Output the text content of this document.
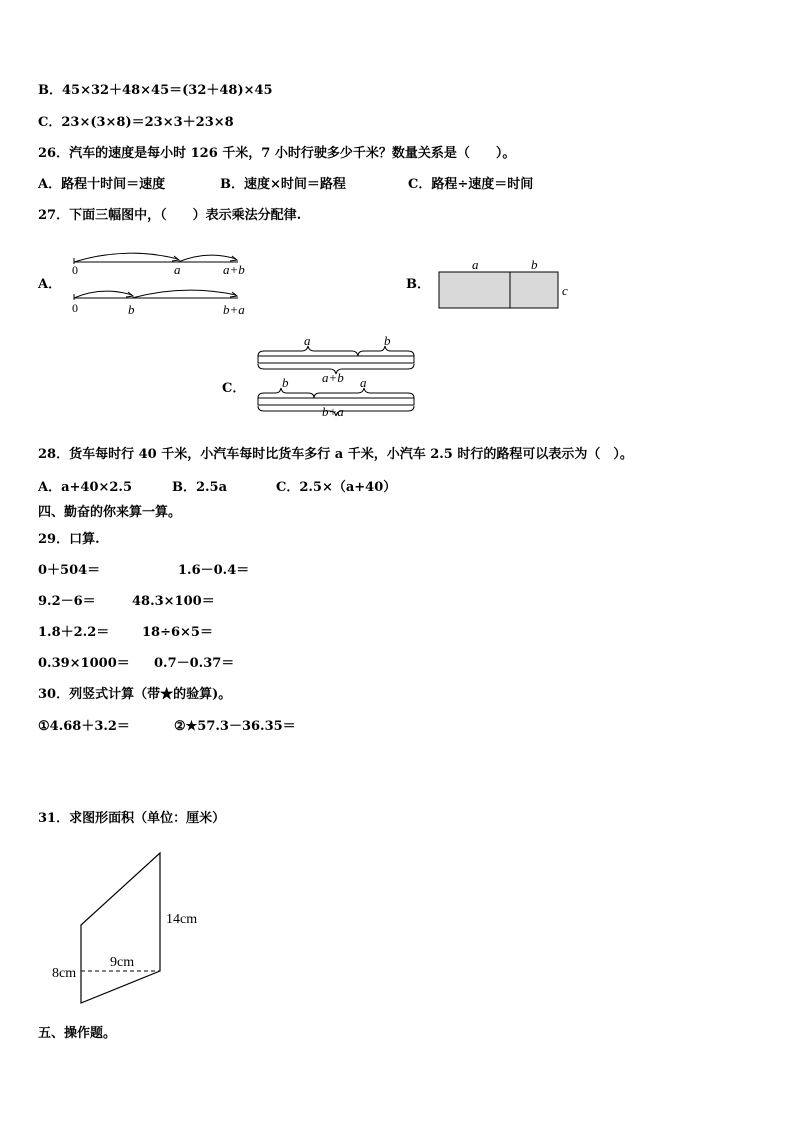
B．45×32＋48×45＝(32＋48)×45
C．23×(3×8)＝23×3＋23×8
26．汽车的速度是每小时 126 千米，7 小时行驶多少千米？数量关系是（　　）。
A．路程十时间＝速度	B．速度×时间＝路程	C．路程÷速度＝时间
27．下面三幅图中，（　　）表示乘法分配律.
A．	B．
C．
0	a	a+b
0	b	b+a
a	b
c
a	b
a+b
b	a
b+a
28．货车每时行 40 千米，小汽车每时比货车多行 a 千米，小汽车 2.5 时行的路程可以表示为（　）。
A．a+40×2.5	B．2.5a	C．2.5×（a+40）
四、勤奋的你来算一算。
29．口算.
0＋504＝	1.6－0.4＝
9.2－6＝	48.3×100＝
1.8＋2.2＝	18÷6×5＝
0.39×1000＝ 0.7－0.37＝
30．列竖式计算（带★的验算)。
①4.68＋3.2＝	②★57.3－36.35＝
31．求图形面积（单位：厘米）
14cm
9cm
8cm
五、操作题。
